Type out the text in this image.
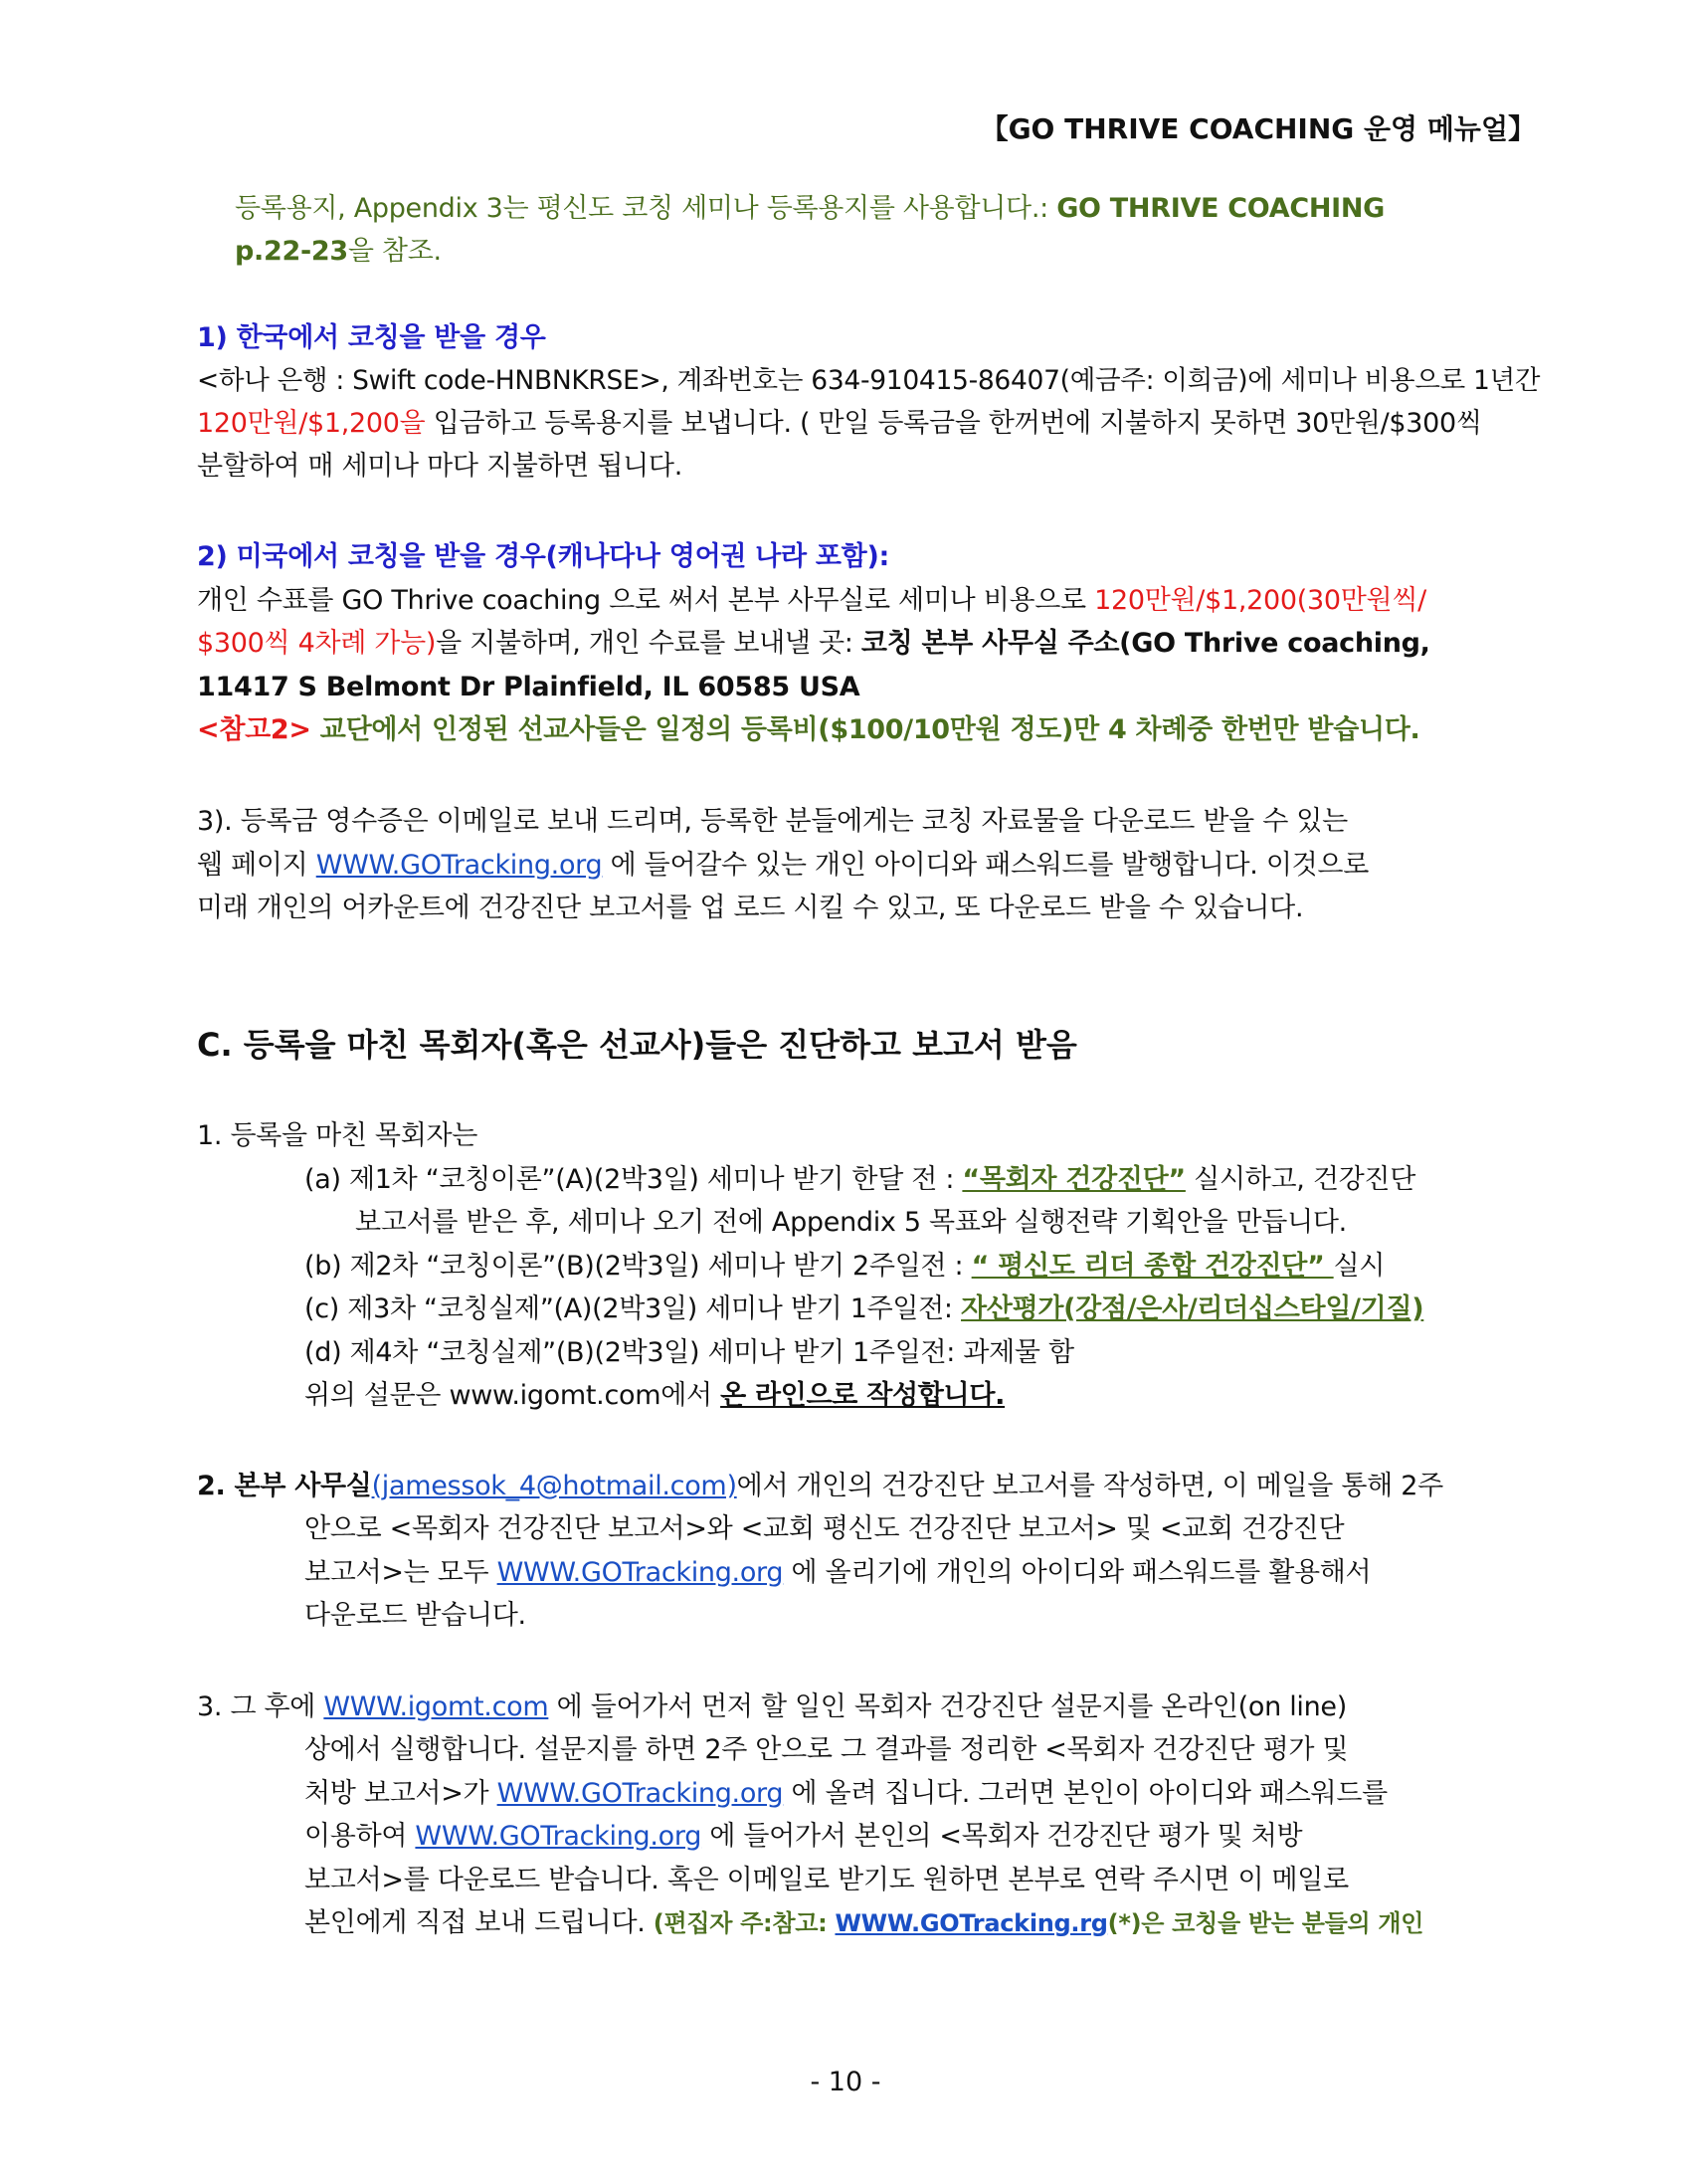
【GO THRIVE COACHING 운영 메뉴얼】
등록용지, Appendix 3는 평신도 코칭 세미나 등록용지를 사용합니다.: GO THRIVE COACHING
p.22-23을 참조.
1) 한국에서 코칭을 받을 경우
<하나 은행 : Swift code-HNBNKRSE>, 계좌번호는 634-910415-86407(예금주: 이희금)에 세미나 비용으로 1년간
120만원/$1,200을 입금하고 등록용지를 보냅니다. ( 만일 등록금을 한꺼번에 지불하지 못하면 30만원/$300씩
분할하여 매 세미나 마다 지불하면 됩니다.
2) 미국에서 코칭을 받을 경우(캐나다나 영어권 나라 포함):
개인 수표를 GO Thrive coaching 으로 써서 본부 사무실로 세미나 비용으로 120만원/$1,200(30만원씩/
$300씩 4차례 가능)을 지불하며, 개인 수료를 보내낼 곳: 코칭 본부 사무실 주소(GO Thrive coaching,
11417 S Belmont Dr Plainfield, IL 60585 USA
<참고2> 교단에서 인정된 선교사들은 일정의 등록비($100/10만원 정도)만 4 차례중 한번만 받습니다.
3). 등록금 영수증은 이메일로 보내 드리며, 등록한 분들에게는 코칭 자료물을 다운로드 받을 수 있는
웹 페이지 WWW.GOTracking.org 에 들어갈수 있는 개인 아이디와 패스워드를 발행합니다. 이것으로
미래 개인의 어카운트에 건강진단 보고서를 업 로드 시킬 수 있고, 또 다운로드 받을 수 있습니다.
C. 등록을 마친 목회자(혹은 선교사)들은 진단하고 보고서 받음
1. 등록을 마친 목회자는
(a) 제1차 “코칭이론”(A)(2박3일) 세미나 받기 한달 전 : “목회자 건강진단” 실시하고, 건강진단
보고서를 받은 후, 세미나 오기 전에 Appendix 5 목표와 실행전략 기획안을 만듭니다.
(b) 제2차 “코칭이론”(B)(2박3일) 세미나 받기 2주일전 : “ 평신도 리더 종합 건강진단” 실시
(c) 제3차 “코칭실제”(A)(2박3일) 세미나 받기 1주일전: 자산평가(강점/은사/리더십스타일/기질)
(d) 제4차 “코칭실제”(B)(2박3일) 세미나 받기 1주일전: 과제물 함
위의 설문은 www.igomt.com에서 온 라인으로 작성합니다.
2. 본부 사무실(jamessok_4@hotmail.com)에서 개인의 건강진단 보고서를 작성하면, 이 메일을 통해 2주
안으로 <목회자 건강진단 보고서>와 <교회 평신도 건강진단 보고서> 및 <교회 건강진단
보고서>는 모두 WWW.GOTracking.org 에 올리기에 개인의 아이디와 패스워드를 활용해서
다운로드 받습니다.
3. 그 후에 WWW.igomt.com 에 들어가서 먼저 할 일인 목회자 건강진단 설문지를 온라인(on line)
상에서 실행합니다. 설문지를 하면 2주 안으로 그 결과를 정리한 <목회자 건강진단 평가 및
처방 보고서>가 WWW.GOTracking.org 에 올려 집니다. 그러면 본인이 아이디와 패스워드를
이용하여 WWW.GOTracking.org 에 들어가서 본인의 <목회자 건강진단 평가 및 처방
보고서>를 다운로드 받습니다. 혹은 이메일로 받기도 원하면 본부로 연락 주시면 이 메일로
본인에게 직접 보내 드립니다. (편집자 주:참고: WWW.GOTracking.rg(*)은 코칭을 받는 분들의 개인
- 10 -
